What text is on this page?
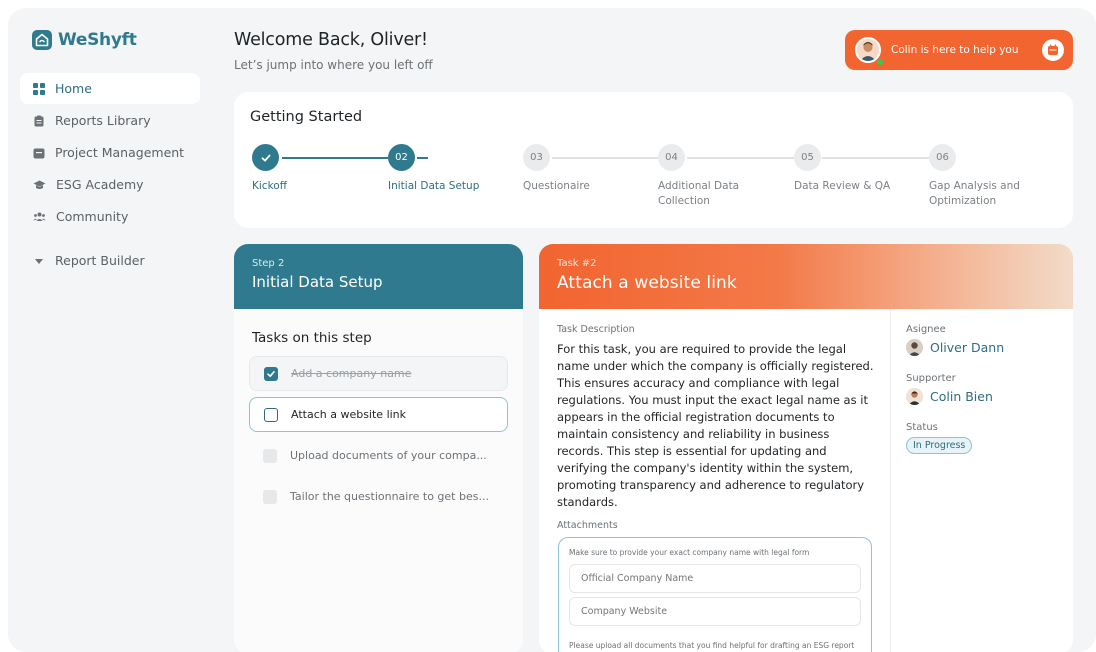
WeShyft
Home
Reports Library
Project Management
ESG Academy
Community
Report Builder
Welcome Back, Oliver!

Let’s jump into where you left off

Colin is here to help you
Getting Started
Kickoff
02
Initial Data Setup
03
Questionaire
04
Additional Data Collection
05
Data Review & QA
06
Gap Analysis and Optimization
Step 2
Initial Data Setup
Tasks on this step
Add a company name
Attach a website link
Upload documents of your compa...
Tailor the questionnaire to get bes...
Task #2
Attach a website link
Task Description
For this task, you are required to provide the legal name under which the company is officially registered. This ensures accuracy and compliance with legal regulations. You must input the exact legal name as it appears in the official registration documents to maintain consistency and reliability in business records. This step is essential for updating and verifying the company's identity within the system, promoting transparency and adherence to regulatory standards.
Asignee
Oliver Dann
Supporter
Colin Bien
Status
In Progress
Attachments
Make sure to provide your exact company name with legal form
Official Company Name
Company Website
Please upload all documents that you find helpful for drafting an ESG report
